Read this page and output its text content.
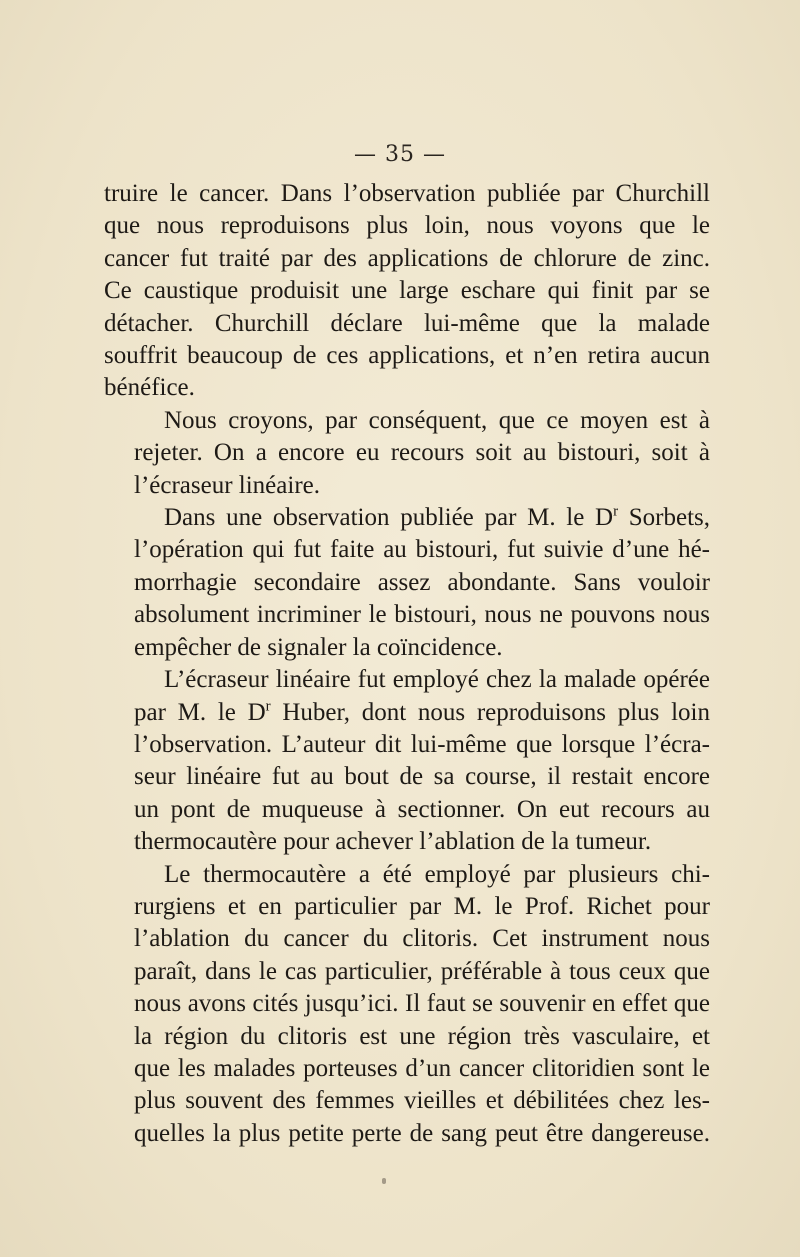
— 35 —

truire le cancer. Dans l’observation publiée par Churchill
que nous reproduisons plus loin, nous voyons que le
cancer fut traité par des applications de chlorure de zinc.
Ce caustique produisit une large eschare qui finit par se
détacher. Churchill déclare lui-même que la malade
souffrit beaucoup de ces applications, et n’en retira aucun
bénéfice.

Nous croyons, par conséquent, que ce moyen est à
rejeter. On a encore eu recours soit au bistouri, soit à
l’écraseur linéaire.

Dans une observation publiée par M. le $D^r$ Sorbets,
l’opération qui fut faite au bistouri, fut suivie d’une hé-
morrhagie secondaire assez abondante. Sans vouloir
absolument incriminer le bistouri, nous ne pouvons nous
empêcher de signaler la coïncidence.

L’écraseur linéaire fut employé chez la malade opérée
par M. le $D^r$ Huber, dont nous reproduisons plus loin
l’observation. L’auteur dit lui-même que lorsque l’écra-
seur linéaire fut au bout de sa course, il restait encore
un pont de muqueuse à sectionner. On eut recours au
thermocautère pour achever l’ablation de la tumeur.

Le thermocautère a été employé par plusieurs chi-
rurgiens et en particulier par M. le Prof. Richet pour
l’ablation du cancer du clitoris. Cet instrument nous
paraît, dans le cas particulier, préférable à tous ceux que
nous avons cités jusqu’ici. Il faut se souvenir en effet que
la région du clitoris est une région très vasculaire, et
que les malades porteuses d’un cancer clitoridien sont le
plus souvent des femmes vieilles et débilitées chez les-
quelles la plus petite perte de sang peut être dangereuse.
